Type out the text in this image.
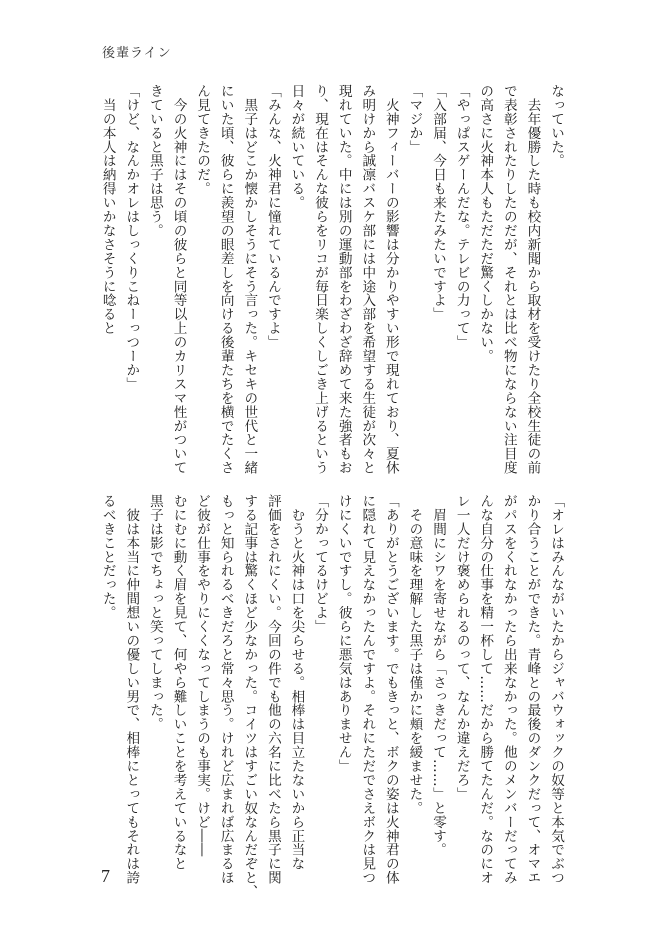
後輩ライン
なっていた。
　去年優勝した時も校内新聞から取材を受けたり全校生徒の前
で表彰されたりしたのだが、それとは比べ物にならない注目度
の高さに火神本人もただただ驚くしかない。
「やっぱスゲーんだな。テレビの力って」
「入部届、今日も来たみたいですよ」
「マジか」
　火神フィーバーの影響は分かりやすい形で現れており、夏休
み明けから誠凛バスケ部には中途入部を希望する生徒が次々と
現れていた。中には別の運動部をわざわざ辞めて来た強者もお
り、現在はそんな彼らをリコが毎日楽しくしごき上げるという
日々が続いている。
「みんな、火神君に憧れているんですよ」
　黒子はどこか懐かしそうにそう言った。キセキの世代と一緒
にいた頃、彼らに羨望の眼差しを向ける後輩たちを横でたくさ
ん見てきたのだ。
　今の火神にはその頃の彼らと同等以上のカリスマ性がついて
きていると黒子は思う。
「けど、なんかオレはしっくりこねーっつーか」
　当の本人は納得いかなさそうに唸ると
「オレはみんながいたからジャバウォックの奴等と本気でぶつ
かり合うことができた。青峰との最後のダンクだって、オマエ
がパスをくれなかったら出来なかった。他のメンバーだってみ
んな自分の仕事を精一杯して……だから勝てたんだ。なのにオ
レ一人だけ褒められるのって、なんか違えだろ」
　眉間にシワを寄せながら「さっきだって……」と零す。
　その意味を理解した黒子は僅かに頬を緩ませた。
「ありがとうございます。でもきっと、ボクの姿は火神君の体
に隠れて見えなかったんですよ。それにただでさえボクは見つ
けにくいですし。彼らに悪気はありません」
「分かってるけどよ」
　むうと火神は口を尖らせる。相棒は目立たないから正当な
評価をされにくい。今回の件でも他の六名に比べたら黒子に関
する記事は驚くほど少なかった。コイツはすごい奴なんだぞと、
もっと知られるべきだろと常々思う。けれど広まれば広まるほ
ど彼が仕事をやりにくくなってしまうのも事実。けど――
むにむに動く眉を見て、何やら難しいことを考えているなと
黒子は影でちょっと笑ってしまった。
　彼は本当に仲間想いの優しい男で、相棒にとってもそれは誇
るべきことだった。
7
